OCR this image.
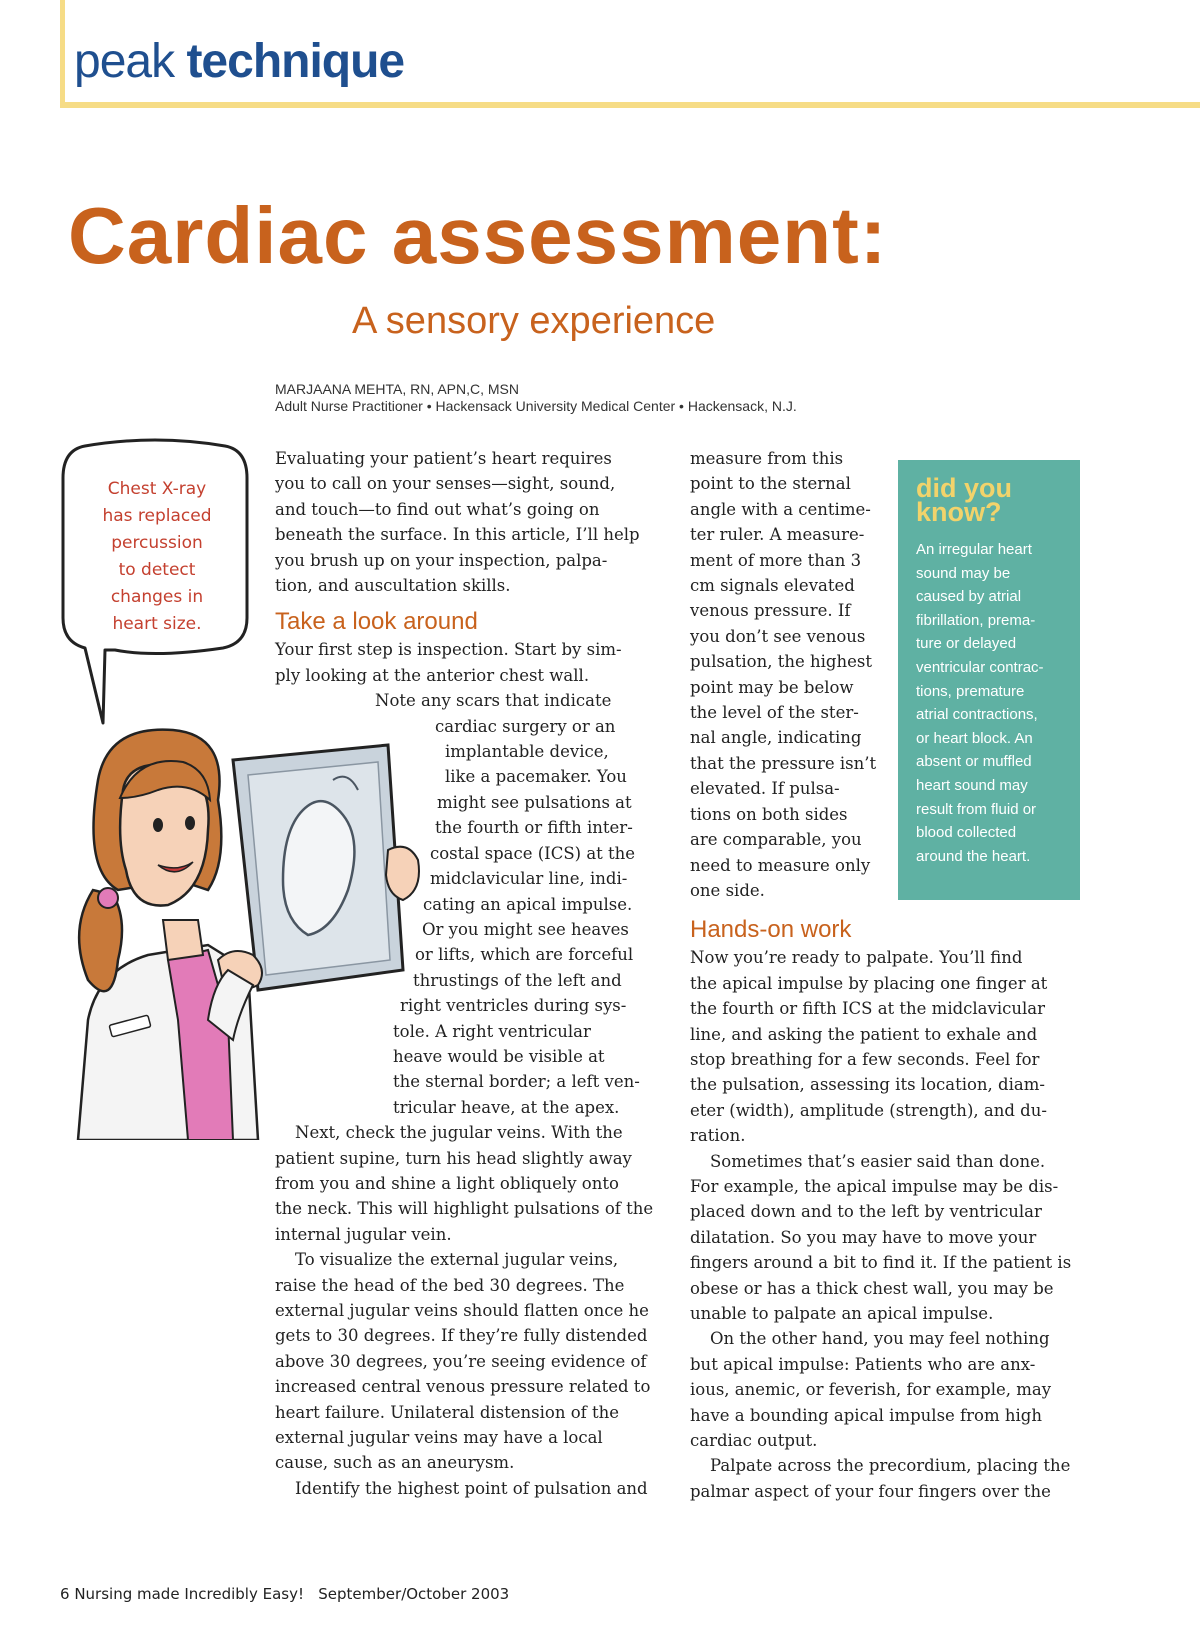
peak technique
Cardiac assessment:
A sensory experience
MARJAANA MEHTA, RN, APN,C, MSN
Adult Nurse Practitioner • Hackensack University Medical Center • Hackensack, N.J.
Chest X-ray
has replaced
percussion
to detect
changes in
heart size.

Evaluating your patient’s heart requires
you to call on your senses—sight, sound,
and touch—to find out what’s going on
beneath the surface. In this article, I’ll help
you brush up on your inspection, palpa-
tion, and auscultation skills.

Take a look around

Your first step is inspection. Start by sim-
ply looking at the anterior chest wall.

Note any scars that indicate
cardiac surgery or an
implantable device,
like a pacemaker. You
might see pulsations at
the fourth or fifth inter-
costal space (ICS) at the
midclavicular line, indi-
cating an apical impulse.
Or you might see heaves
or lifts, which are forceful
thrustings of the left and
right ventricles during sys-
tole. A right ventricular
heave would be visible at
the sternal border; a left ven-
tricular heave, at the apex.

Next, check the jugular veins. With the
patient supine, turn his head slightly away
from you and shine a light obliquely onto
the neck. This will highlight pulsations of the
internal jugular vein.

To visualize the external jugular veins,
raise the head of the bed 30 degrees. The
external jugular veins should flatten once he
gets to 30 degrees. If they’re fully distended
above 30 degrees, you’re seeing evidence of
increased central venous pressure related to
heart failure. Unilateral distension of the
external jugular veins may have a local
cause, such as an aneurysm.

Identify the highest point of pulsation and

measure from this
point to the sternal
angle with a centime-
ter ruler. A measure-
ment of more than 3
cm signals elevated
venous pressure. If
you don’t see venous
pulsation, the highest
point may be below
the level of the ster-
nal angle, indicating
that the pressure isn’t
elevated. If pulsa-
tions on both sides
are comparable, you
need to measure only
one side.

Hands-on work

Now you’re ready to palpate. You’ll find
the apical impulse by placing one finger at
the fourth or fifth ICS at the midclavicular
line, and asking the patient to exhale and
stop breathing for a few seconds. Feel for
the pulsation, assessing its location, diam-
eter (width), amplitude (strength), and du-
ration.

Sometimes that’s easier said than done.
For example, the apical impulse may be dis-
placed down and to the left by ventricular
dilatation. So you may have to move your
fingers around a bit to find it. If the patient is
obese or has a thick chest wall, you may be
unable to palpate an apical impulse.

On the other hand, you may feel nothing
but apical impulse: Patients who are anx-
ious, anemic, or feverish, for example, may
have a bounding apical impulse from high
cardiac output.

Palpate across the precordium, placing the
palmar aspect of your four fingers over the

did you
know?
An irregular heart
sound may be
caused by atrial
fibrillation, prema-
ture or delayed
ventricular contrac-
tions, premature
atrial contractions,
or heart block. An
absent or muffled
heart sound may
result from fluid or
blood collected
around the heart.
6 Nursing made Incredibly Easy! September/October 2003
